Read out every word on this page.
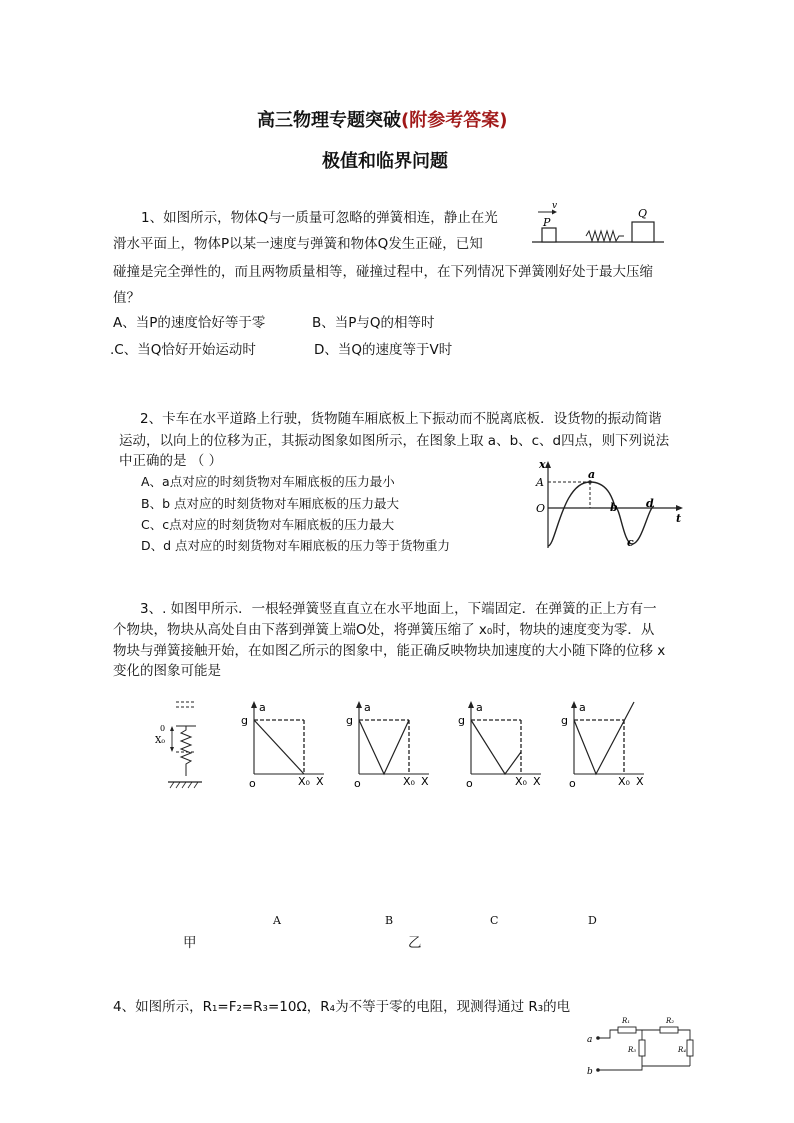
高三物理专题突破(附参考答案)
极值和临界问题
1、如图所示，物体Q与一质量可忽略的弹簧相连，静止在光
滑水平面上，物体P以某一速度与弹簧和物体Q发生正碰，已知
碰撞是完全弹性的，而且两物质量相等，碰撞过程中，在下列情况下弹簧刚好处于最大压缩
值？
A、当P的速度恰好等于零	B、当P与Q的相等时
.C、当Q恰好开始运动时	D、当Q的速度等于V时
P
v
Q
2、卡车在水平道路上行驶，货物随车厢底板上下振动而不脱离底板．设货物的振动简谐
运动，以向上的位移为正，其振动图象如图所示，在图象上取 a、b、c、d四点，则下列说法
中正确的是 （ ）
A、a点对应的时刻货物对车厢底板的压力最小
B、b 点对应的时刻货物对车厢底板的压力最大
C、c点对应的时刻货物对车厢底板的压力最大
D、d 点对应的时刻货物对车厢底板的压力等于货物重力
x
A
O
t
a
b
c
d
3、. 如图甲所示．一根轻弹簧竖直直立在水平地面上，下端固定．在弹簧的正上方有一
个物块，物块从高处自由下落到弹簧上端O处，将弹簧压缩了 x₀时，物块的速度变为零．从
物块与弹簧接触开始，在如图乙所示的图象中，能正确反映物块加速度的大小随下降的位移 x
变化的图象可能是
0
X₀
a
g
o	X₀ X
a
g
o	X₀ X
a
g
o	X₀ X
a
g
o	X₀ X
A	B	C	D
甲	乙
4、如图所示，R₁=F₂=R₃=10Ω，R₄为不等于零的电阻，现测得通过 R₃的电
a
b
R₁	R₂
R₄
R₃
